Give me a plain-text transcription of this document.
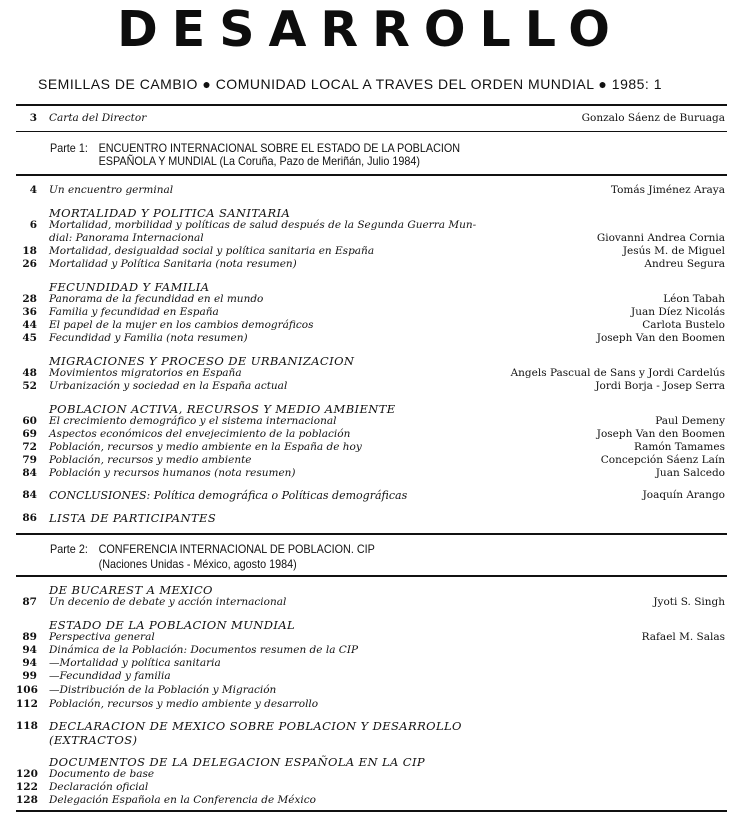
DESARROLLO
SEMILLAS DE CAMBIO ● COMUNIDAD LOCAL A TRAVES DEL ORDEN MUNDIAL ● 1985: 1
3 Carta del Director	Gonzalo Sáenz de Buruaga
Parte 1: ENCUENTRO INTERNACIONAL SOBRE EL ESTADO DE LA POBLACION
ESPAÑOLA Y MUNDIAL (La Coruña, Pazo de Meriñán, Julio 1984)
4 Un encuentro germinal	Tomás Jiménez Araya
MORTALIDAD Y POLITICA SANITARIA
6 Mortalidad, morbilidad y políticas de salud después de la Segunda Guerra Mun-
dial: Panorama Internacional	Giovanni Andrea Cornia
18 Mortalidad, desigualdad social y política sanitaria en España	Jesús M. de Miguel
26 Mortalidad y Política Sanitaria (nota resumen)	Andreu Segura
FECUNDIDAD Y FAMILIA
28 Panorama de la fecundidad en el mundo	Léon Tabah
36 Familia y fecundidad en España	Juan Díez Nicolás
44 El papel de la mujer en los cambios demográficos	Carlota Bustelo
45 Fecundidad y Familia (nota resumen)	Joseph Van den Boomen
MIGRACIONES Y PROCESO DE URBANIZACION
48 Movimientos migratorios en España	Angels Pascual de Sans y Jordi Cardelús
52 Urbanización y sociedad en la España actual	Jordi Borja - Josep Serra
POBLACION ACTIVA, RECURSOS Y MEDIO AMBIENTE
60 El crecimiento demográfico y el sistema internacional	Paul Demeny
69 Aspectos económicos del envejecimiento de la población	Joseph Van den Boomen
72 Población, recursos y medio ambiente en la España de hoy	Ramón Tamames
79 Población, recursos y medio ambiente	Concepción Sáenz Laín
84 Población y recursos humanos (nota resumen)	Juan Salcedo
84 CONCLUSIONES: Política demográfica o Políticas demográficas	Joaquín Arango
86 LISTA DE PARTICIPANTES
Parte 2: CONFERENCIA INTERNACIONAL DE POBLACION. CIP
(Naciones Unidas - México, agosto 1984)
DE BUCAREST A MEXICO
87 Un decenio de debate y acción internacional	Jyoti S. Singh
ESTADO DE LA POBLACION MUNDIAL
89 Perspectiva general	Rafael M. Salas
94 Dinámica de la Población: Documentos resumen de la CIP
94 —Mortalidad y política sanitaria
99 —Fecundidad y familia
106 —Distribución de la Población y Migración
112 Población, recursos y medio ambiente y desarrollo
118 DECLARACION DE MEXICO SOBRE POBLACION Y DESARROLLO
(EXTRACTOS)
DOCUMENTOS DE LA DELEGACION ESPAÑOLA EN LA CIP
120 Documento de base
122 Declaración oficial
128 Delegación Española en la Conferencia de México
